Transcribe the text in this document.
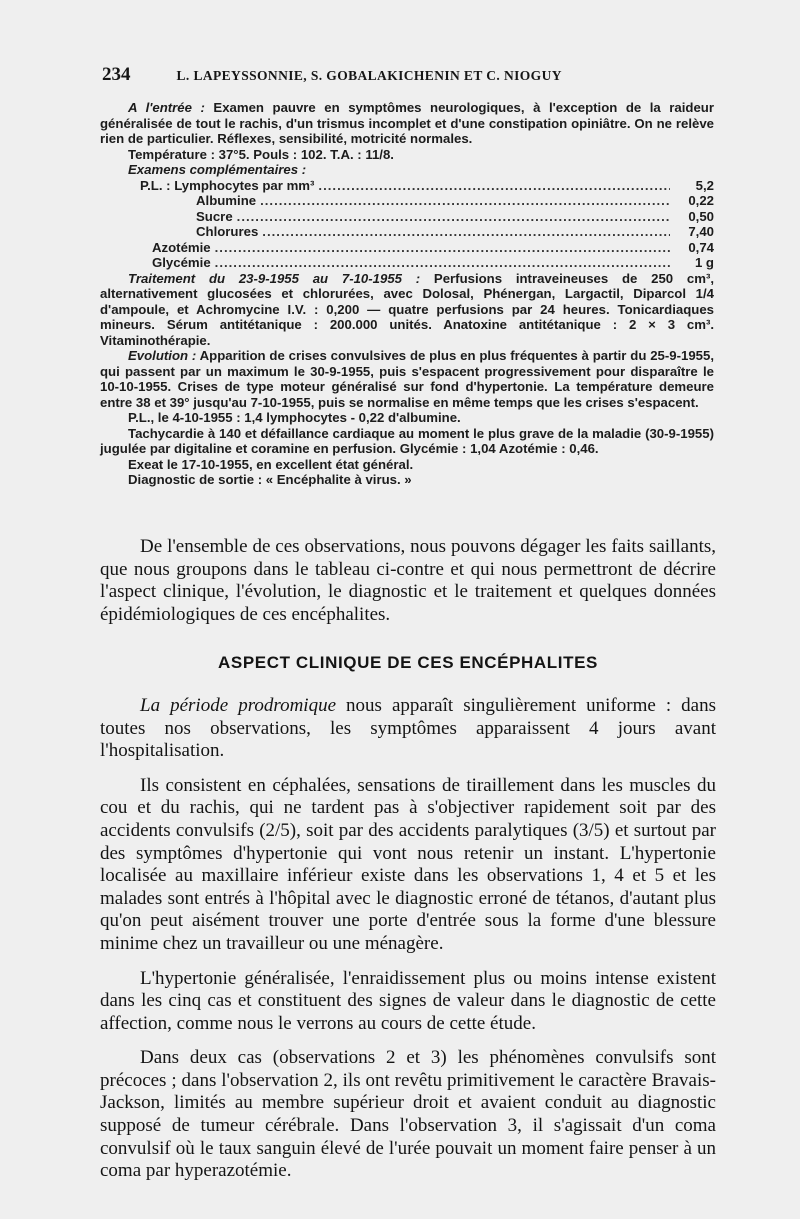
234	L. LAPEYSSONNIE, S. GOBALAKICHENIN ET C. NIOGUY

A l'entrée : Examen pauvre en symptômes neurologiques, à l'exception de la raideur généralisée de tout le rachis, d'un trismus incomplet et d'une constipation opiniâtre. On ne relève rien de particulier. Réflexes, sensibilité, motricité normales.

Température : 37°5. Pouls : 102. T.A. : 11/8.

Examens complémentaires :

P.L. : Lymphocytes par mm³ .....	5,2
Albumine .....	0,22
Sucre .....	0,50
Chlorures .....	7,40
Azotémie .....	0,74
Glycémie .....	1 g

Traitement du 23-9-1955 au 7-10-1955 : Perfusions intraveineuses de 250 cm³, alternativement glucosées et chlorurées, avec Dolosal, Phénergan, Largactil, Diparcol 1/4 d'ampoule, et Achromycine I.V. : 0,200 — quatre perfusions par 24 heures. Tonicardiaques mineurs. Sérum antitétanique : 200.000 unités. Anatoxine antitétanique : 2 × 3 cm³. Vitaminothérapie.

Evolution : Apparition de crises convulsives de plus en plus fréquentes à partir du 25-9-1955, qui passent par un maximum le 30-9-1955, puis s'espacent progressivement pour disparaître le 10-10-1955. Crises de type moteur généralisé sur fond d'hypertonie. La température demeure entre 38 et 39° jusqu'au 7-10-1955, puis se normalise en même temps que les crises s'espacent.

P.L., le 4-10-1955 : 1,4 lymphocytes - 0,22 d'albumine.

Tachycardie à 140 et défaillance cardiaque au moment le plus grave de la maladie (30-9-1955) jugulée par digitaline et coramine en perfusion. Glycémie : 1,04 Azotémie : 0,46.

Exeat le 17-10-1955, en excellent état général.

Diagnostic de sortie : « Encéphalite à virus. »

De l'ensemble de ces observations, nous pouvons dégager les faits saillants, que nous groupons dans le tableau ci-contre et qui nous permettront de décrire l'aspect clinique, l'évolution, le diagnostic et le traitement et quelques données épidémiologiques de ces encéphalites.

ASPECT CLINIQUE DE CES ENCÉPHALITES

La période prodromique nous apparaît singulièrement uniforme : dans toutes nos observations, les symptômes apparaissent 4 jours avant l'hospitalisation.

Ils consistent en céphalées, sensations de tiraillement dans les muscles du cou et du rachis, qui ne tardent pas à s'objectiver rapidement soit par des accidents convulsifs (2/5), soit par des accidents paralytiques (3/5) et surtout par des symptômes d'hypertonie qui vont nous retenir un instant. L'hypertonie localisée au maxillaire inférieur existe dans les observations 1, 4 et 5 et les malades sont entrés à l'hôpital avec le diagnostic erroné de tétanos, d'autant plus qu'on peut aisément trouver une porte d'entrée sous la forme d'une blessure minime chez un travailleur ou une ménagère.

L'hypertonie généralisée, l'enraidissement plus ou moins intense existent dans les cinq cas et constituent des signes de valeur dans le diagnostic de cette affection, comme nous le verrons au cours de cette étude.

Dans deux cas (observations 2 et 3) les phénomènes convulsifs sont précoces ; dans l'observation 2, ils ont revêtu primitivement le caractère Bravais-Jackson, limités au membre supérieur droit et avaient conduit au diagnostic supposé de tumeur cérébrale. Dans l'observation 3, il s'agissait d'un coma convulsif où le taux sanguin élevé de l'urée pouvait un moment faire penser à un coma par hyperazotémie.
